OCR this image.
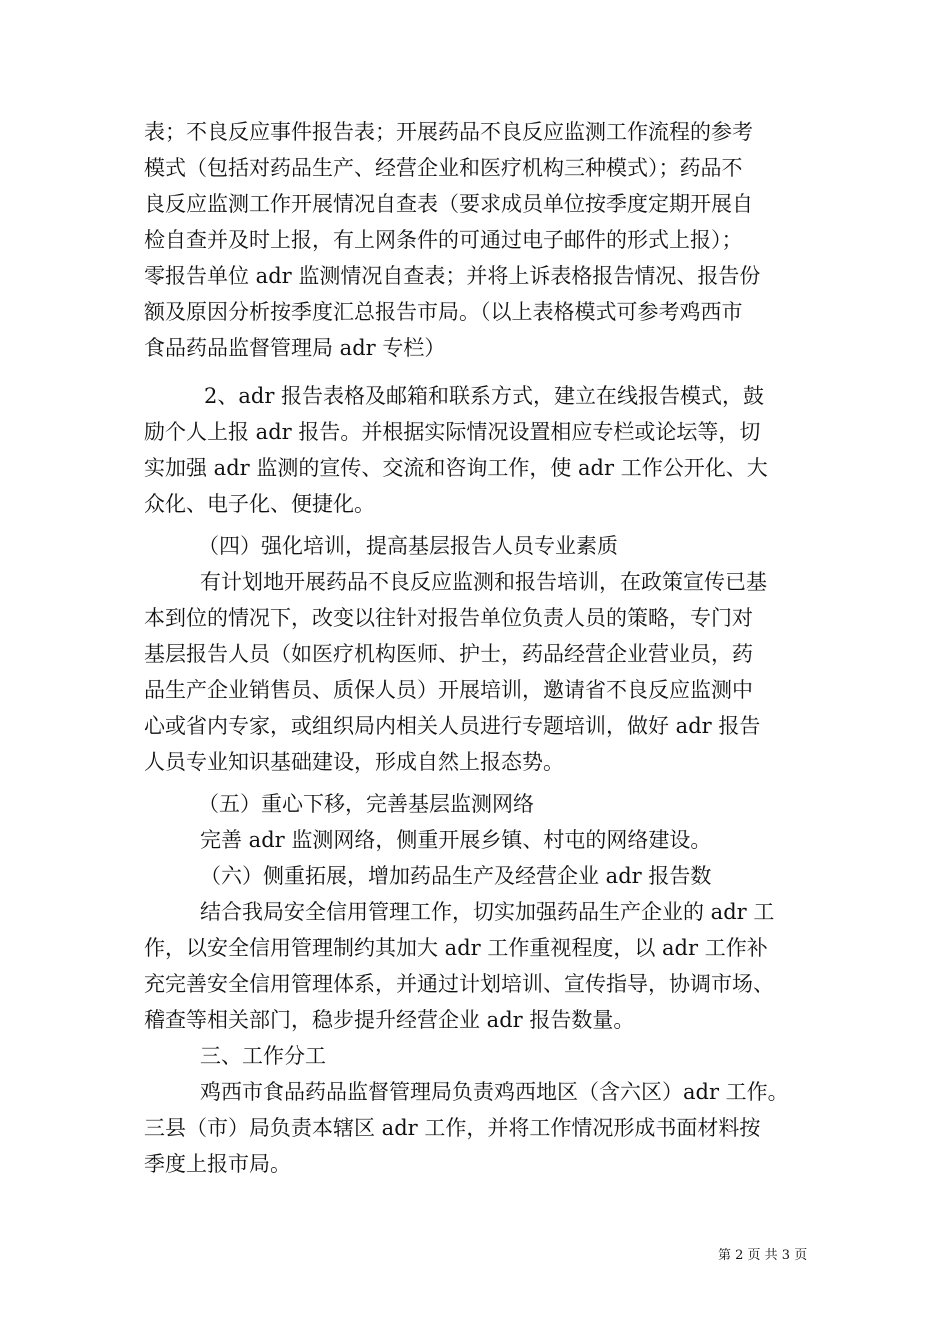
表；不良反应事件报告表；开展药品不良反应监测工作流程的参考
模式（包括对药品生产、经营企业和医疗机构三种模式）；药品不
良反应监测工作开展情况自查表（要求成员单位按季度定期开展自
检自查并及时上报，有上网条件的可通过电子邮件的形式上报）；
零报告单位 adr 监测情况自查表；并将上诉表格报告情况、报告份
额及原因分析按季度汇总报告市局。（以上表格模式可参考鸡西市
食品药品监督管理局 adr 专栏）
2、adr 报告表格及邮箱和联系方式，建立在线报告模式，鼓
励个人上报 adr 报告。并根据实际情况设置相应专栏或论坛等，切
实加强 adr 监测的宣传、交流和咨询工作，使 adr 工作公开化、大
众化、电子化、便捷化。
（四）强化培训，提高基层报告人员专业素质
有计划地开展药品不良反应监测和报告培训，在政策宣传已基
本到位的情况下，改变以往针对报告单位负责人员的策略，专门对
基层报告人员（如医疗机构医师、护士，药品经营企业营业员，药
品生产企业销售员、质保人员）开展培训，邀请省不良反应监测中
心或省内专家，或组织局内相关人员进行专题培训，做好 adr 报告
人员专业知识基础建设，形成自然上报态势。
（五）重心下移，完善基层监测网络
完善 adr 监测网络，侧重开展乡镇、村屯的网络建设。
（六）侧重拓展，增加药品生产及经营企业 adr 报告数
结合我局安全信用管理工作，切实加强药品生产企业的 adr 工
作，以安全信用管理制约其加大 adr 工作重视程度，以 adr 工作补
充完善安全信用管理体系，并通过计划培训、宣传指导，协调市场、
稽查等相关部门，稳步提升经营企业 adr 报告数量。
三、工作分工
鸡西市食品药品监督管理局负责鸡西地区（含六区）adr 工作。
三县（市）局负责本辖区 adr 工作，并将工作情况形成书面材料按
季度上报市局。
第 2 页 共 3 页
